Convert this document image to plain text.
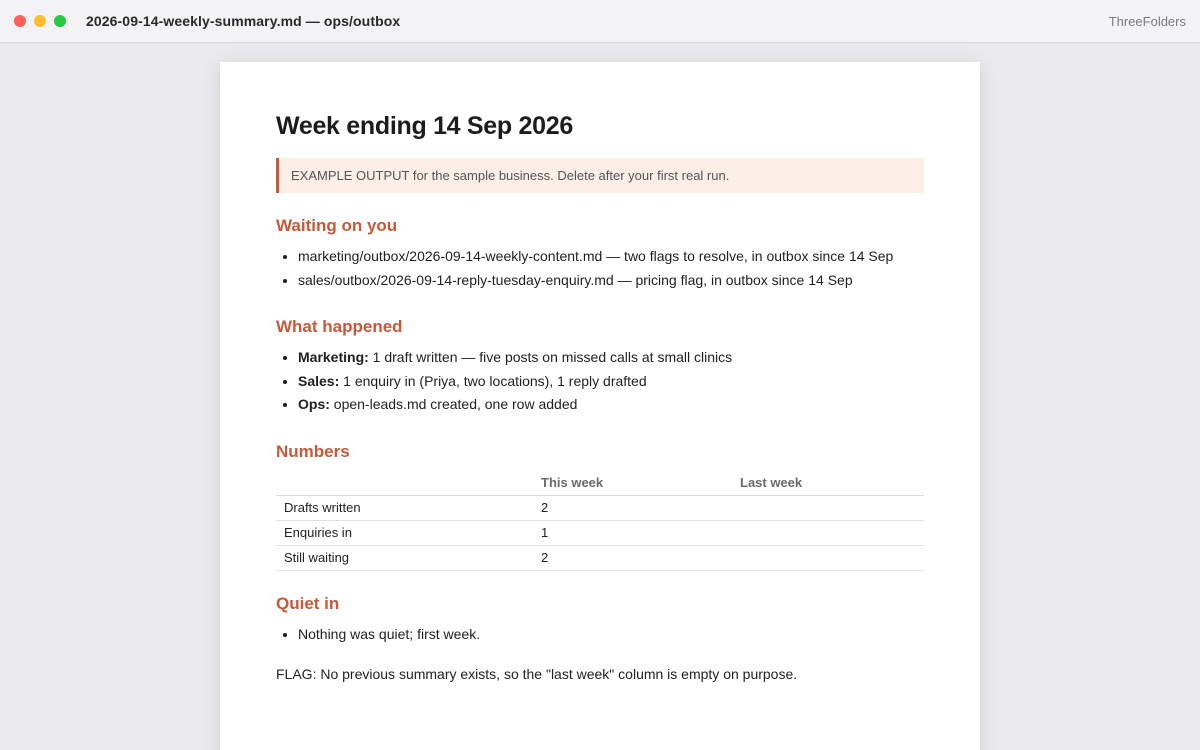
2026-09-14-weekly-summary.md — ops/outbox	ThreeFolders
Week ending 14 Sep 2026
EXAMPLE OUTPUT for the sample business. Delete after your first real run.
Waiting on you
• marketing/outbox/2026-09-14-weekly-content.md — two flags to resolve, in outbox since 14 Sep
• sales/outbox/2026-09-14-reply-tuesday-enquiry.md — pricing flag, in outbox since 14 Sep
What happened
• Marketing: 1 draft written — five posts on missed calls at small clinics
• Sales: 1 enquiry in (Priya, two locations), 1 reply drafted
• Ops: open-leads.md created, one row added
Numbers
	This week	Last week
Drafts written	2	
Enquiries in	1	
Still waiting	2	
Quiet in
• Nothing was quiet; first week.
FLAG: No previous summary exists, so the "last week" column is empty on purpose.
